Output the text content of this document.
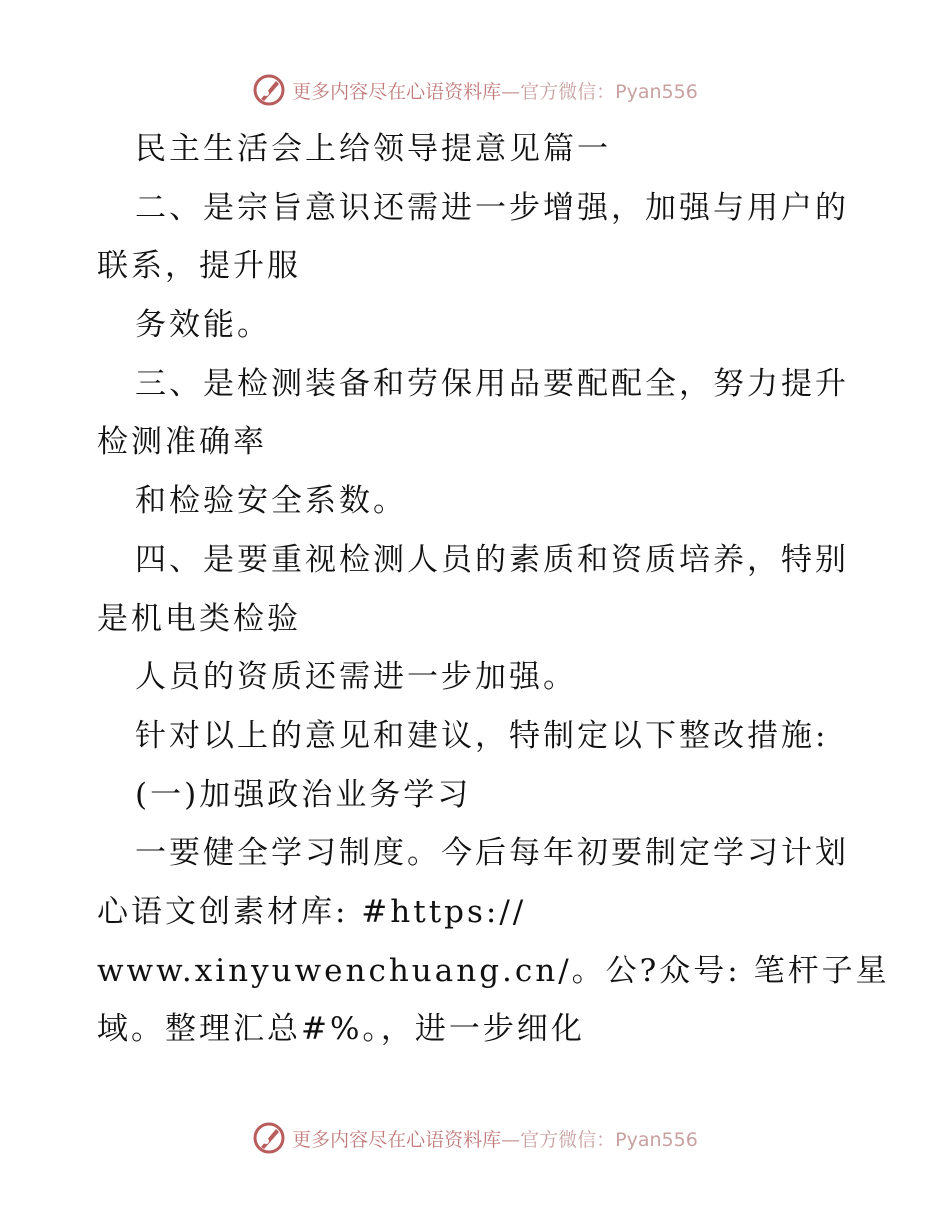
更多内容尽在心语资料库—官方微信：Pyan556
民主生活会上给领导提意见篇一
二、是宗旨意识还需进一步增强，加强与用户的
联系，提升服
务效能。
三、是检测装备和劳保用品要配配全，努力提升
检测准确率
和检验安全系数。
四、是要重视检测人员的素质和资质培养，特别
是机电类检验
人员的资质还需进一步加强。
针对以上的意见和建议，特制定以下整改措施:
(一)加强政治业务学习
一要健全学习制度。今后每年初要制定学习计划
心语文创素材库: #https://
www.xinyuwenchuang.cn/。公?众号: 笔杆子星
域。整理汇总#%。，进一步细化
更多内容尽在心语资料库—官方微信：Pyan556
